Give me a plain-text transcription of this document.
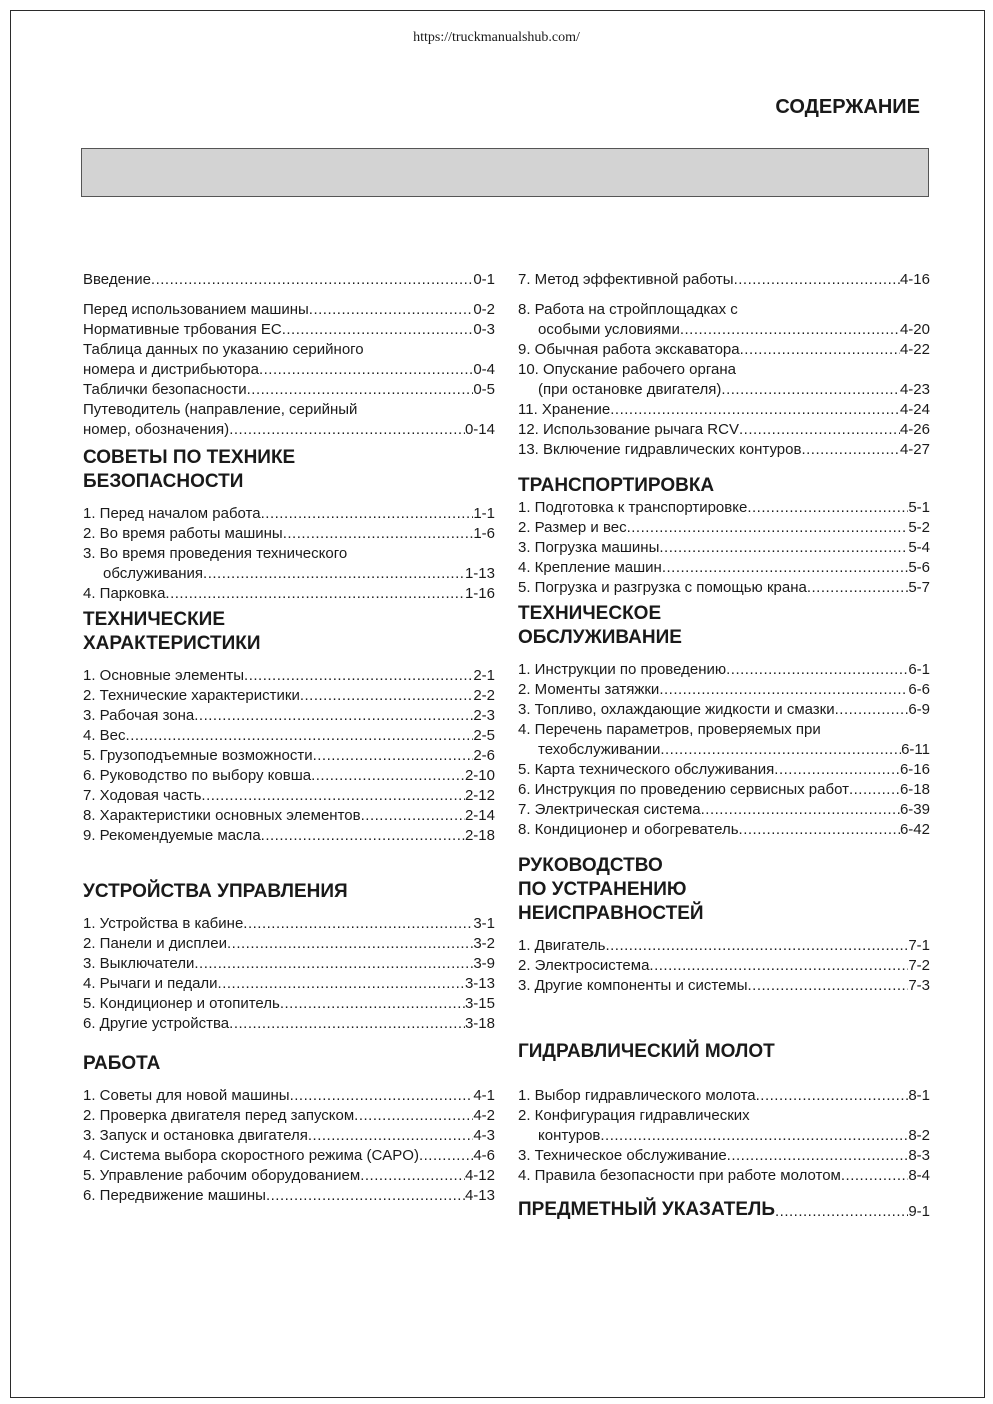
https://truckmanualshub.com/
СОДЕРЖАНИЕ
Введение .....	0-1
Перед использованием машины .....	0-2
Нормативные трбования ЕС .....	0-3
Таблица данных по указанию серийного
номера и дистрибьютора .....	0-4
Таблички безопасности .....	0-5
Путеводитель (направление, серийный
номер, обозначения) .....	0-14
СОВЕТЫ ПО ТЕХНИКЕ
БЕЗОПАСНОСТИ
1. Перед началом работа .....	1-1
2. Во время работы машины .....	1-6
3. Во время проведения технического
обслуживания .....	1-13
4. Парковка .....	1-16
ТЕХНИЧЕСКИЕ
ХАРАКТЕРИСТИКИ
1. Основные элементы .....	2-1
2. Технические характеристики .....	2-2
3. Рабочая зона .....	2-3
4. Вес .....	2-5
5. Грузоподъемные возможности .....	2-6
6. Руководство по выбору ковша .....	2-10
7. Ходовая часть .....	2-12
8. Характеристики основных элементов .....	2-14
9. Рекомендуемые масла .....	2-18
УСТРОЙСТВА УПРАВЛЕНИЯ
1. Устройства в кабине .....	3-1
2. Панели и дисплеи .....	3-2
3. Выключатели .....	3-9
4. Рычаги и педали .....	3-13
5. Кондиционер и отопитель .....	3-15
6. Другие устройства .....	3-18
РАБОТА
1. Советы для новой машины .....	4-1
2. Проверка двигателя перед запуском .....	4-2
3. Запуск и остановка двигателя .....	4-3
4. Система выбора скоростного режима (CAPO) .....	4-6
5. Управление рабочим оборудованием .....	4-12
6. Передвижение машины .....	4-13
7. Метод эффективной работы .....	4-16
8. Работа на стройплощадках с
особыми условиями .....	4-20
9. Обычная работа экскаватора .....	4-22
10. Опускание рабочего органа
(при остановке двигателя) .....	4-23
11. Хранение .....	4-24
12. Использование рычага RCV .....	4-26
13. Включение гидравлических контуров .....	4-27
ТРАНСПОРТИРОВКА
1. Подготовка к транспортировке .....	5-1
2. Размер и вес .....	5-2
3. Погрузка машины .....	5-4
4. Крепление машин .....	5-6
5. Погрузка и разгрузка с помощью крана .....	5-7
ТЕХНИЧЕСКОЕ
ОБСЛУЖИВАНИЕ
1. Инструкции по проведению .....	6-1
2. Моменты затяжки .....	6-6
3. Топливо, охлаждающие жидкости и смазки .....	6-9
4. Перечень параметров, проверяемых при
техобслуживании .....	6-11
5. Карта технического обслуживания .....	6-16
6. Инструкция по проведению сервисных работ .....	6-18
7. Электрическая система .....	6-39
8. Кондиционер и обогреватель .....	6-42
РУКОВОДСТВО
ПО УСТРАНЕНИЮ
НЕИСПРАВНОСТЕЙ
1. Двигатель .....	7-1
2. Электросистема .....	7-2
3. Другие компоненты и системы .....	7-3
ГИДРАВЛИЧЕСКИЙ МОЛОТ
1. Выбор гидравлического молота .....	8-1
2. Конфигурация гидравлических
контуров .....	8-2
3. Техническое обслуживание .....	8-3
4. Правила безопасности при работе молотом .....	8-4
ПРЕДМЕТНЫЙ УКАЗАТЕЛЬ .....	9-1
